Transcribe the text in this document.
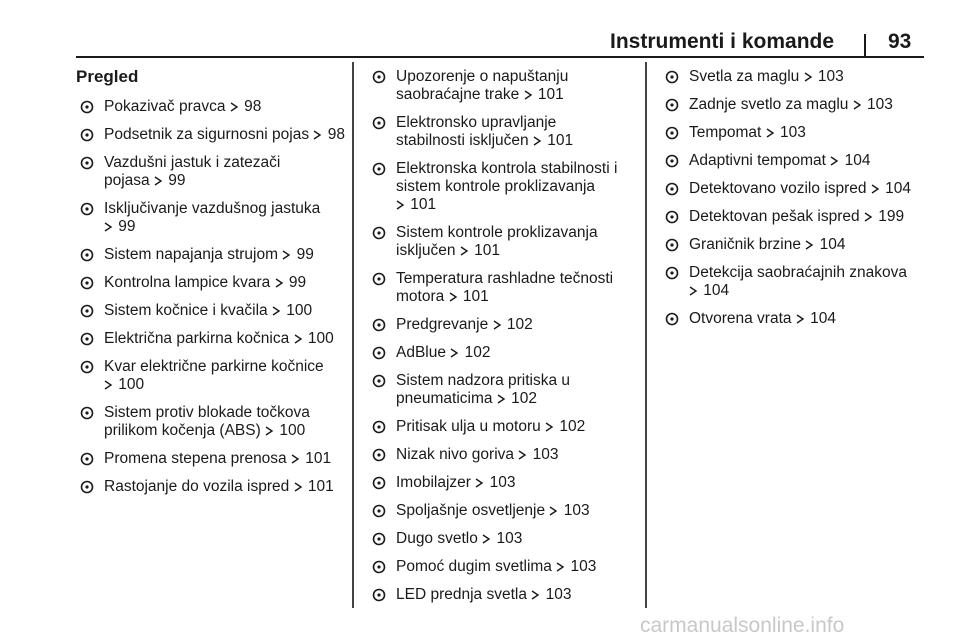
Instrumenti i komande	93
Pregled
Pokazivač pravca  98
Podsetnik za sigurnosni pojas  98
Vazdušni jastuk i zatezači
pojasa  99
Isključivanje vazdušnog jastuka  99
Sistem napajanja strujom  99
Kontrolna lampice kvara  99
Sistem kočnice i kvačila  100
Električna parkirna kočnica  100
Kvar električne parkirne kočnice  100
Sistem protiv blokade točkova
prilikom kočenja (ABS)  100
Promena stepena prenosa  101
Rastojanje do vozila ispred  101
Upozorenje o napuštanju
saobraćajne trake  101
Elektronsko upravljanje
stabilnosti isključen  101
Elektronska kontrola stabilnosti i
sistem kontrole proklizavanja  101
Sistem kontrole proklizavanja
isključen  101
Temperatura rashladne tečnosti
motora  101
Predgrevanje  102
AdBlue  102
Sistem nadzora pritiska u
pneumaticima  102
Pritisak ulja u motoru  102
Nizak nivo goriva  103
Imobilajzer  103
Spoljašnje osvetljenje  103
Dugo svetlo  103
Pomoć dugim svetlima  103
LED prednja svetla  103
Svetla za maglu  103
Zadnje svetlo za maglu  103
Tempomat  103
Adaptivni tempomat  104
Detektovano vozilo ispred  104
Detektovan pešak ispred  199
Graničnik brzine  104
Detekcija saobraćajnih znakova  104
Otvorena vrata  104
carmanualsonline.info
